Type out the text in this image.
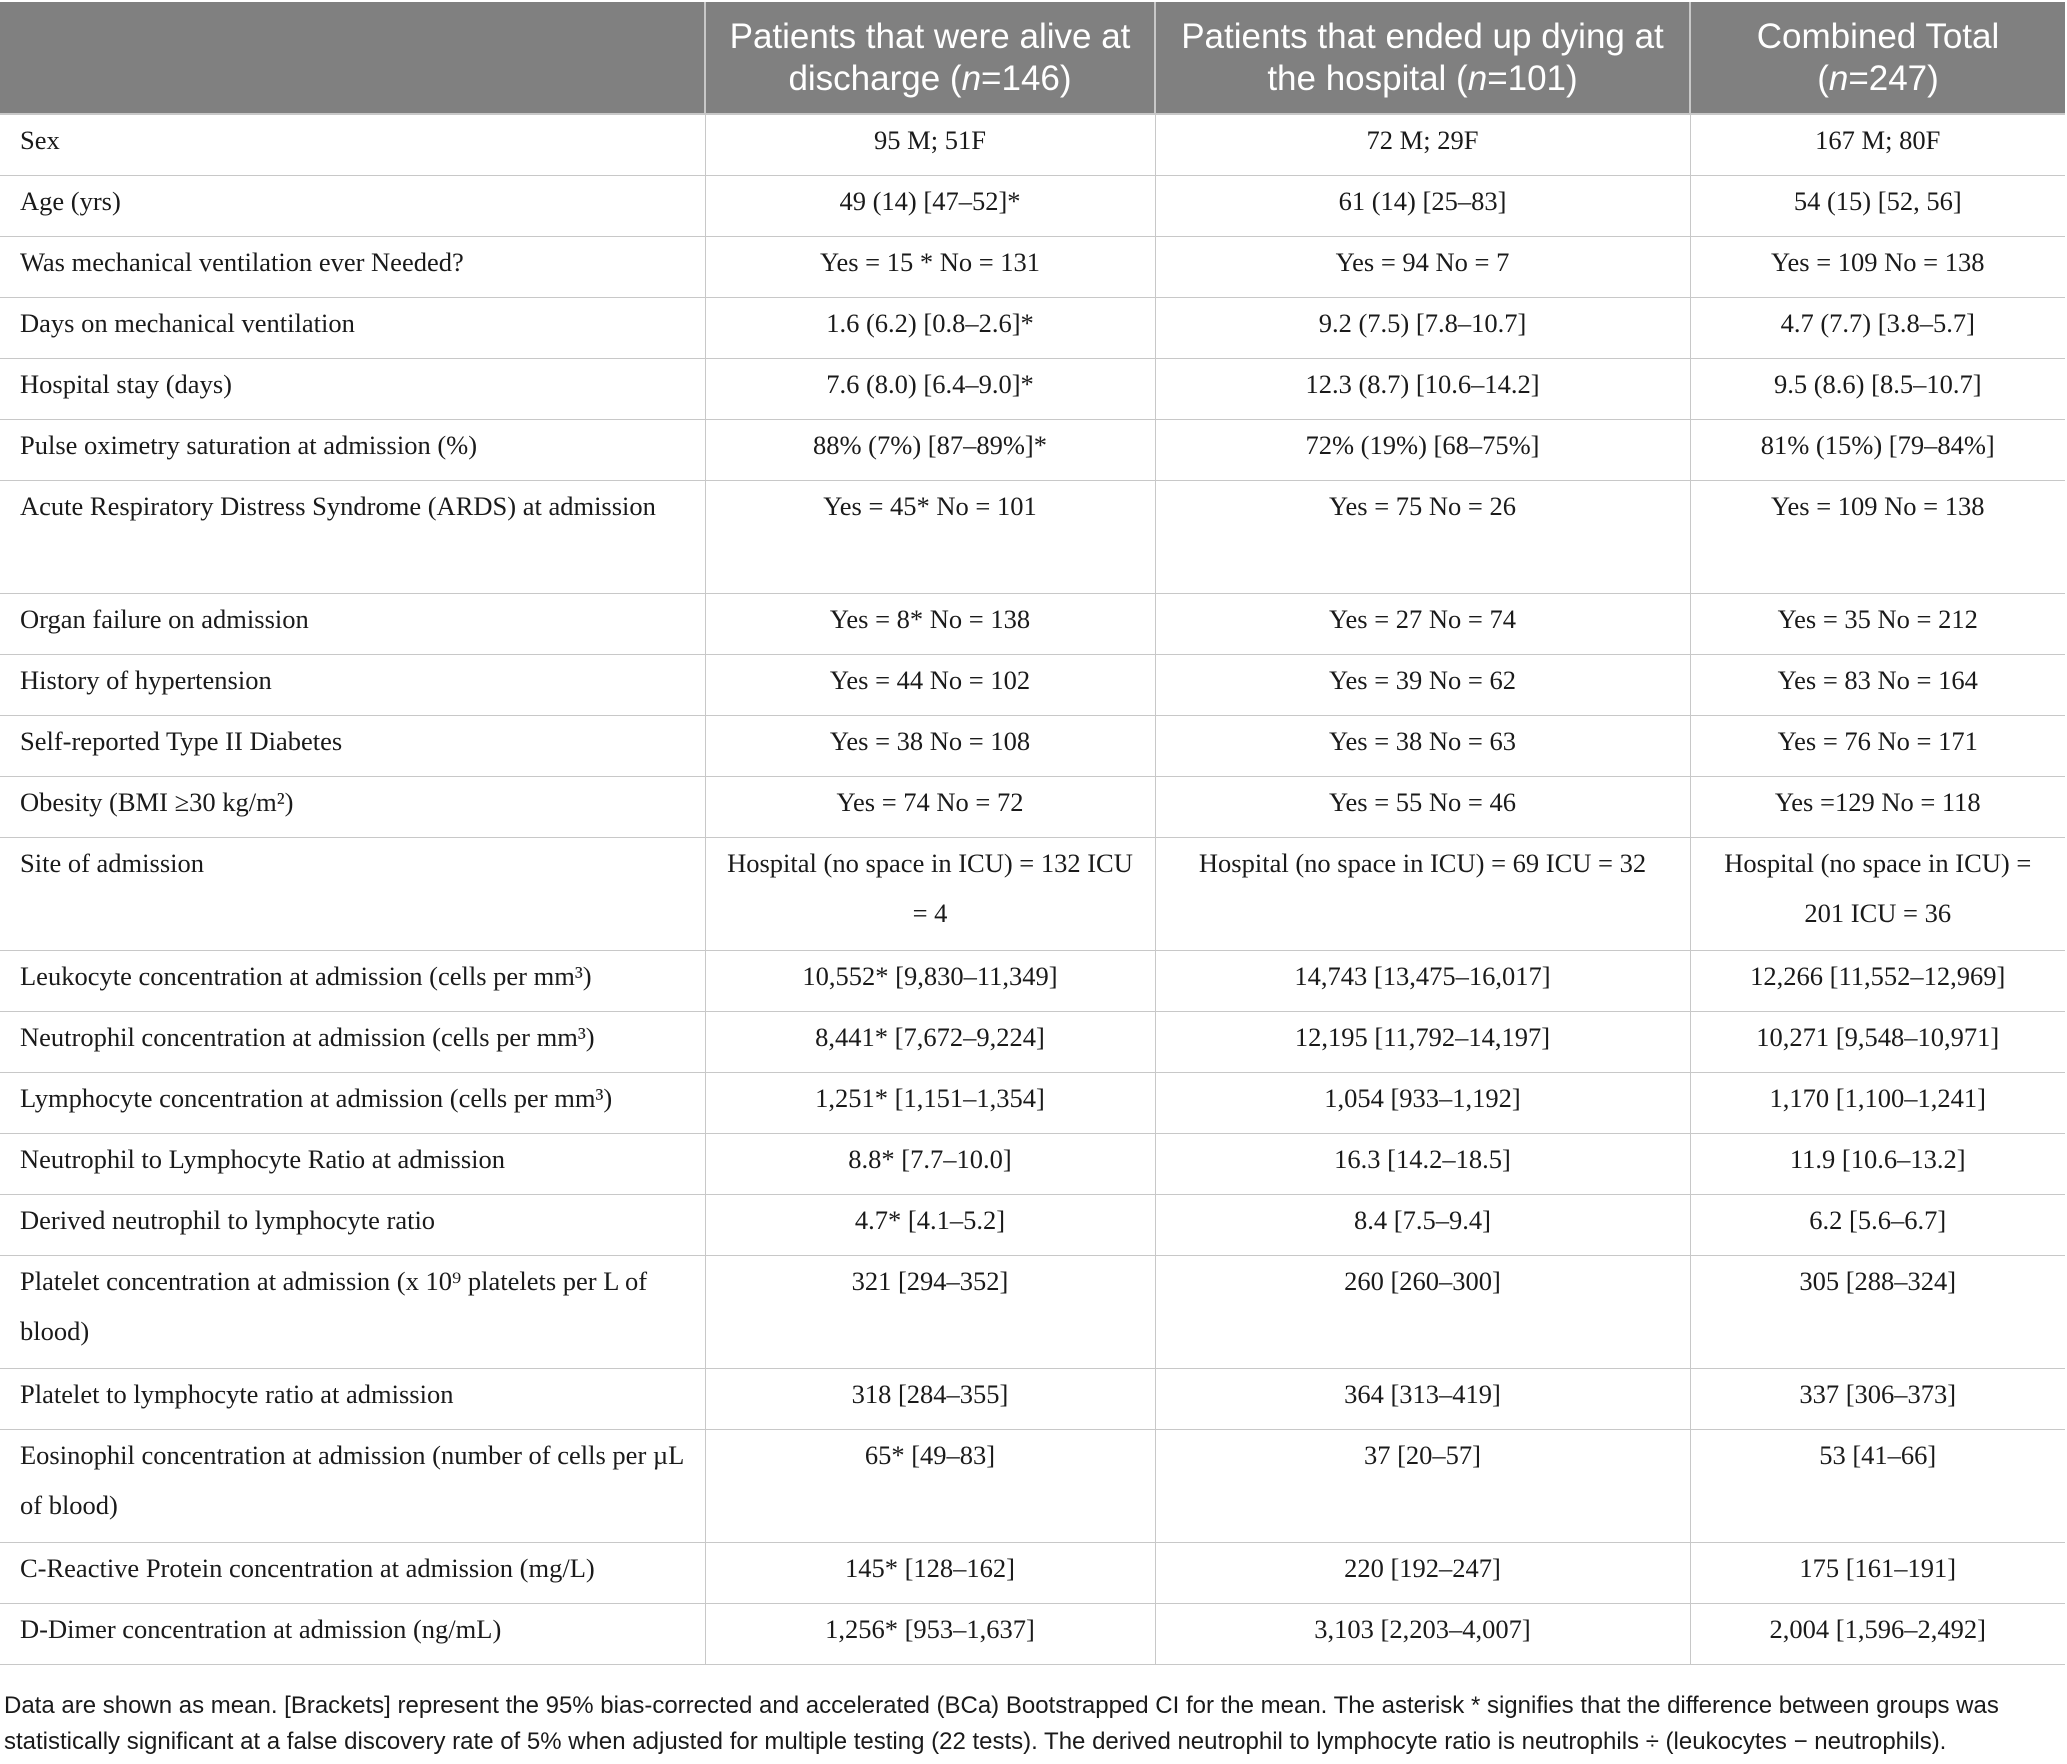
	Patients that were alive at discharge (n=146)	Patients that ended up dying at the hospital (n=101)	Combined Total (n=247)
Sex	95 M; 51F	72 M; 29F	167 M; 80F
Age (yrs)	49 (14) [47–52]*	61 (14) [25–83]	54 (15) [52, 56]
Was mechanical ventilation ever Needed?	Yes = 15 * No = 131	Yes = 94 No = 7	Yes = 109 No = 138
Days on mechanical ventilation	1.6 (6.2) [0.8–2.6]*	9.2 (7.5) [7.8–10.7]	4.7 (7.7) [3.8–5.7]
Hospital stay (days)	7.6 (8.0) [6.4–9.0]*	12.3 (8.7) [10.6–14.2]	9.5 (8.6) [8.5–10.7]
Pulse oximetry saturation at admission (%)	88% (7%) [87–89%]*	72% (19%) [68–75%]	81% (15%) [79–84%]
Acute Respiratory Distress Syndrome (ARDS) at admission	Yes = 45* No = 101	Yes = 75 No = 26	Yes = 109 No = 138
Organ failure on admission	Yes = 8* No = 138	Yes = 27 No = 74	Yes = 35 No = 212
History of hypertension	Yes = 44 No = 102	Yes = 39 No = 62	Yes = 83 No = 164
Self-reported Type II Diabetes	Yes = 38 No = 108	Yes = 38 No = 63	Yes = 76 No = 171
Obesity (BMI ≥30 kg/m²)	Yes = 74 No = 72	Yes = 55 No = 46	Yes =129 No = 118
Site of admission	Hospital (no space in ICU) = 132 ICU = 4	Hospital (no space in ICU) = 69 ICU = 32	Hospital (no space in ICU) = 201 ICU = 36
Leukocyte concentration at admission (cells per mm³)	10,552* [9,830–11,349]	14,743 [13,475–16,017]	12,266 [11,552–12,969]
Neutrophil concentration at admission (cells per mm³)	8,441* [7,672–9,224]	12,195 [11,792–14,197]	10,271 [9,548–10,971]
Lymphocyte concentration at admission (cells per mm³)	1,251* [1,151–1,354]	1,054 [933–1,192]	1,170 [1,100–1,241]
Neutrophil to Lymphocyte Ratio at admission	8.8* [7.7–10.0]	16.3 [14.2–18.5]	11.9 [10.6–13.2]
Derived neutrophil to lymphocyte ratio	4.7* [4.1–5.2]	8.4 [7.5–9.4]	6.2 [5.6–6.7]
Platelet concentration at admission (x 10⁹ platelets per L of blood)	321 [294–352]	260 [260–300]	305 [288–324]
Platelet to lymphocyte ratio at admission	318 [284–355]	364 [313–419]	337 [306–373]
Eosinophil concentration at admission (number of cells per µL of blood)	65* [49–83]	37 [20–57]	53 [41–66]
C-Reactive Protein concentration at admission (mg/L)	145* [128–162]	220 [192–247]	175 [161–191]
D-Dimer concentration at admission (ng/mL)	1,256* [953–1,637]	3,103 [2,203–4,007]	2,004 [1,596–2,492]
Data are shown as mean. [Brackets] represent the 95% bias-corrected and accelerated (BCa) Bootstrapped CI for the mean. The asterisk * signifies that the difference between groups was statistically significant at a false discovery rate of 5% when adjusted for multiple testing (22 tests). The derived neutrophil to lymphocyte ratio is neutrophils ÷ (leukocytes − neutrophils).
